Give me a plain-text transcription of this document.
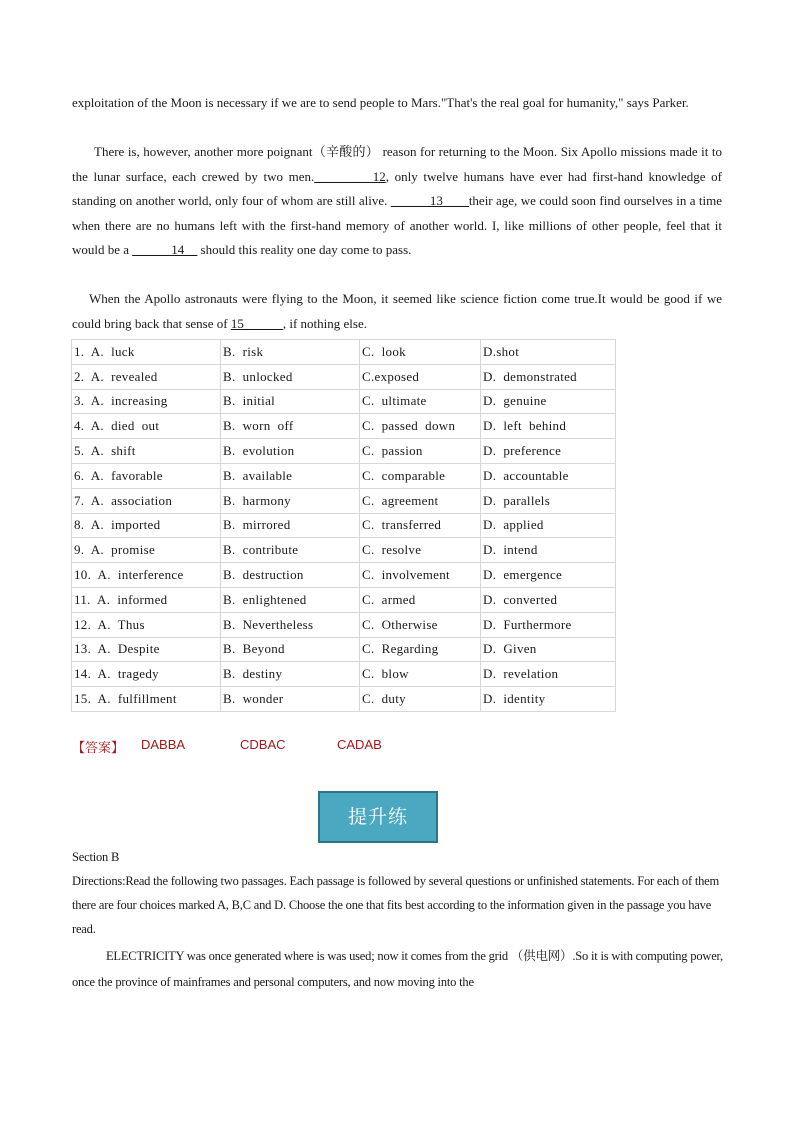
exploitation of the Moon is necessary if we are to send people to Mars."That's the real goal for humanity," says Parker.
There is, however, another more poignant（辛酸的） reason for returning to the Moon. Six Apollo missions made it to the lunar surface, each crewed by two men._________12, only twelve humans have ever had first-hand knowledge of standing on another world, only four of whom are still alive. ______13____their age, we could soon find ourselves in a time when there are no humans left with the first-hand memory of another world. I, like millions of other people, feel that it would be a ______14__ should this reality one day come to pass.
When the Apollo astronauts were flying to the Moon, it seemed like science fiction come true.It would be good if we could bring back that sense of 15______, if nothing else.
1.  A.  luck	B.  risk	C.  look	D.shot
2.  A.  revealed	B.  unlocked	C.exposed	D.  demonstrated
3.  A.  increasing	B.  initial	C.  ultimate	D.  genuine
4.  A.  died  out	B.  worn  off	C.  passed  down	D.  left  behind
5.  A.  shift	B.  evolution	C.  passion	D.  preference
6.  A.  favorable	B.  available	C.  comparable	D.  accountable
7.  A.  association	B.  harmony	C.  agreement	D.  parallels
8.  A.  imported	B.  mirrored	C.  transferred	D.  applied
9.  A.  promise	B.  contribute	C.  resolve	D.  intend
10.  A.  interference	B.  destruction	C.  involvement	D.  emergence
11.  A.  informed	B.  enlightened	C.  armed	D.  converted
12.  A.  Thus	B.  Nevertheless	C.  Otherwise	D.  Furthermore
13.  A.  Despite	B.  Beyond	C.  Regarding	D.  Given
14.  A.  tragedy	B.  destiny	C.  blow	D.  revelation
15.  A.  fulfillment	B.  wonder	C.  duty	D.  identity
【答案】 DABBA	CDBAC	CADAB
提升练
Section B
Directions:Read the following two passages. Each passage is followed by several questions or unfinished statements. For each of them there are four choices marked A, B,C and D. Choose the one that fits best according to the information given in the passage you have read.
ELECTRICITY was once generated where is was used; now it comes from the grid （供电网）.So it is with computing power, once the province of mainframes and personal computers, and now moving into the
